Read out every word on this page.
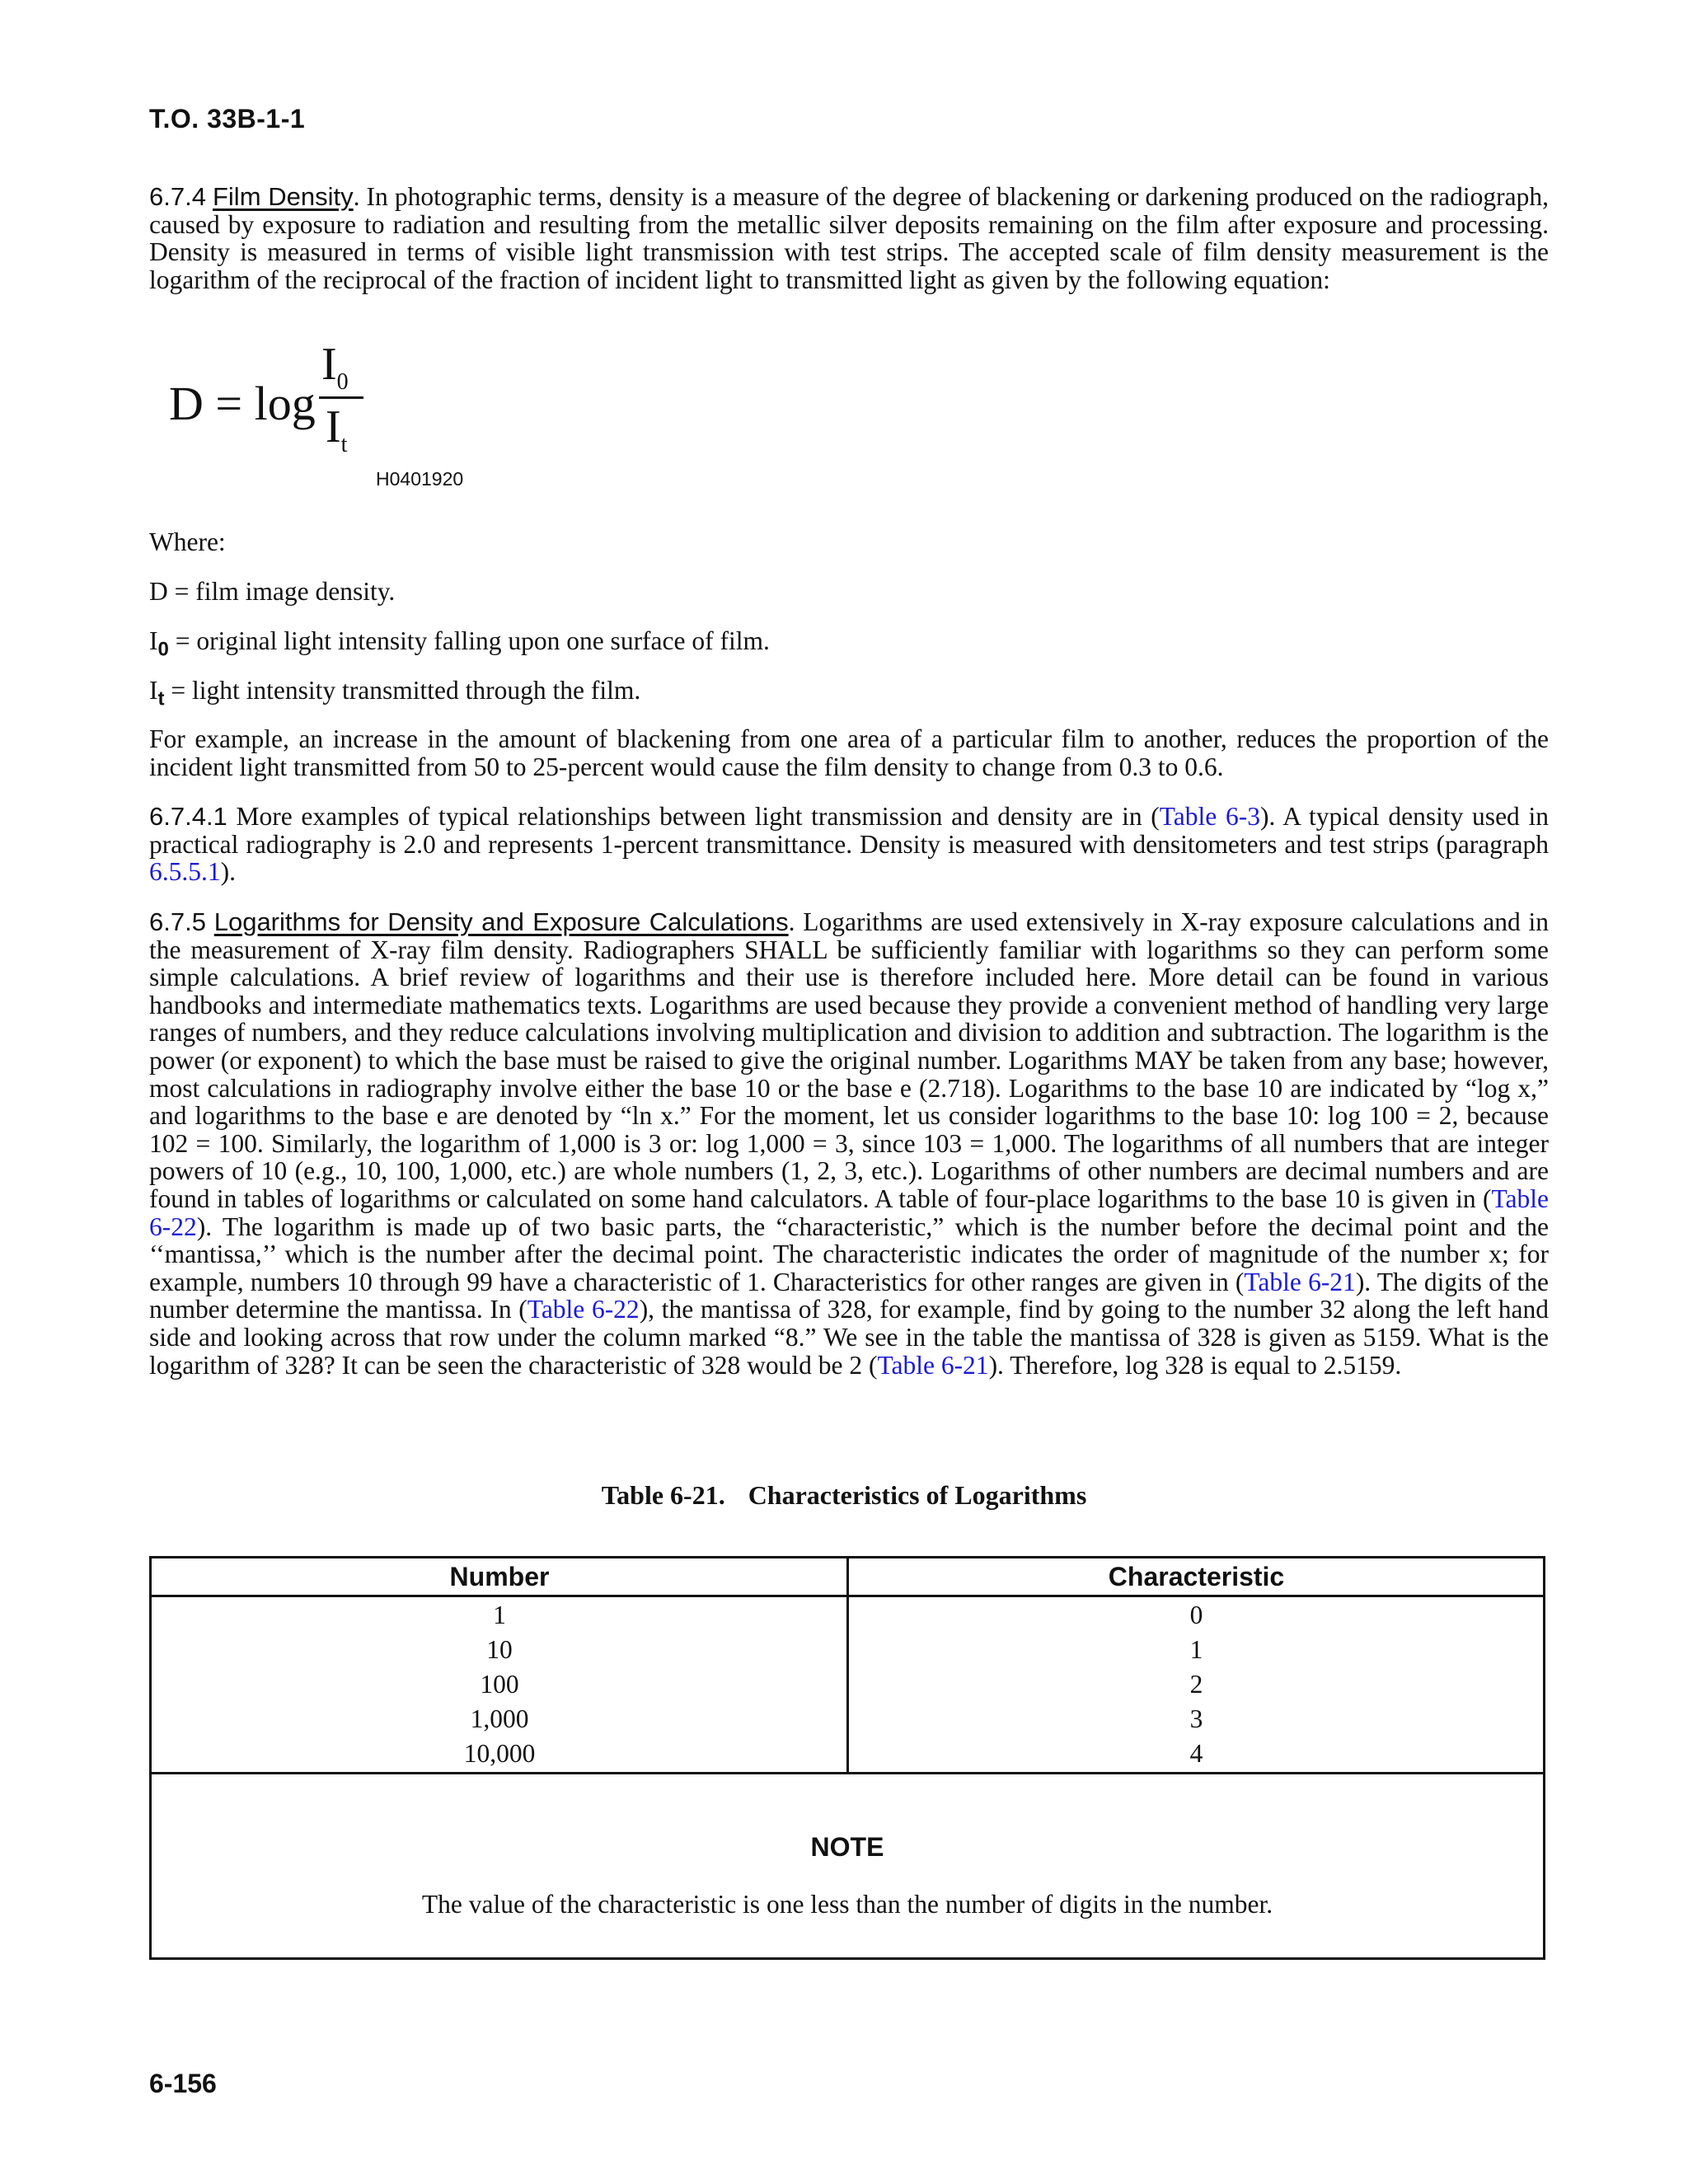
T.O. 33B-1-1
6.7.4 Film Density. In photographic terms, density is a measure of the degree of blackening or darkening produced on the radiograph, caused by exposure to radiation and resulting from the metallic silver deposits remaining on the film after exposure and processing. Density is measured in terms of visible light transmission with test strips. The accepted scale of film density measurement is the logarithm of the reciprocal of the fraction of incident light to transmitted light as given by the following equation:
D = log
$I_0$
$I_t$
H0401920
Where:
D = film image density.
$I_0$ = original light intensity falling upon one surface of film.
$I_t$ = light intensity transmitted through the film.
For example, an increase in the amount of blackening from one area of a particular film to another, reduces the proportion of the incident light transmitted from 50 to 25-percent would cause the film density to change from 0.3 to 0.6.
6.7.4.1 More examples of typical relationships between light transmission and density are in (Table 6-3). A typical density used in practical radiography is 2.0 and represents 1-percent transmittance. Density is measured with densitometers and test strips (paragraph 6.5.5.1).
6.7.5 Logarithms for Density and Exposure Calculations. Logarithms are used extensively in X-ray exposure calculations and in the measurement of X-ray film density. Radiographers SHALL be sufficiently familiar with logarithms so they can perform some simple calculations. A brief review of logarithms and their use is therefore included here. More detail can be found in various handbooks and intermediate mathematics texts. Logarithms are used because they provide a convenient method of handling very large ranges of numbers, and they reduce calculations involving multiplication and division to addition and subtraction. The logarithm is the power (or exponent) to which the base must be raised to give the original number. Logarithms MAY be taken from any base; however, most calculations in radiography involve either the base 10 or the base e (2.718). Logarithms to the base 10 are indicated by “log x,” and logarithms to the base e are denoted by “ln x.” For the moment, let us consider logarithms to the base 10: log 100 = 2, because 102 = 100. Similarly, the logarithm of 1,000 is 3 or: log 1,000 = 3, since 103 = 1,000. The logarithms of all numbers that are integer powers of 10 (e.g., 10, 100, 1,000, etc.) are whole numbers (1, 2, 3, etc.). Logarithms of other numbers are decimal numbers and are found in tables of logarithms or calculated on some hand calculators. A table of four-place logarithms to the base 10 is given in (Table 6-22). The logarithm is made up of two basic parts, the “characteristic,” which is the number before the decimal point and the ‘‘mantissa,’’ which is the number after the decimal point. The characteristic indicates the order of magnitude of the number x; for example, numbers 10 through 99 have a characteristic of 1. Characteristics for other ranges are given in (Table 6-21). The digits of the number determine the mantissa. In (Table 6-22), the mantissa of 328, for example, find by going to the number 32 along the left hand side and looking across that row under the column marked “8.” We see in the table the mantissa of 328 is given as 5159. What is the logarithm of 328? It can be seen the characteristic of 328 would be 2 (Table 6-21). Therefore, log 328 is equal to 2.5159.
Table 6-21. Characteristics of Logarithms
Number	Characteristic
1	0
10	1
100	2
1,000	3
10,000	4
NOTE
The value of the characteristic is one less than the number of digits in the number.
6-156
